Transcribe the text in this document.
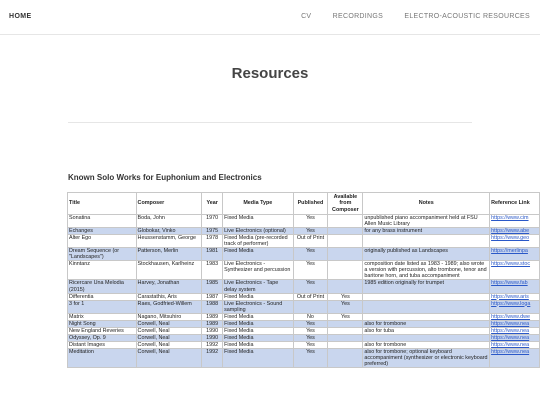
HOME	CV	RECORDINGS	ELECTRO-ACOUSTIC RESOURCES
Resources
Known Solo Works for Euphonium and Electronics
Title	Composer	Year	Media Type	Published	Available from Composer	Notes	Reference Link
Sonatina	Boda, John	1970	Fixed Media	Yes		unpublished piano accompaniment held at FSU Allen Music Library	https://www.cim
Echanges	Globokar, Vinko	1975	Live Electronics (optional)	Yes		for any brass instrument	https://www.abe
Alter Ego	Heussenstamm, George	1978	Fixed Media (pre-recorded track of performer)	Out of Print			https://www.geo
Dream Sequence (or "Landscapes")	Patterson, Merlin	1981	Fixed Media	Yes		originally published as Landscapes	https://merlinpa
Kinntanz	Stockhausen, Karlheinz	1983	Live Electronics - Synthesizer and percussion	Yes		composition date listed as 1983 - 1989; also wrote a version with percussion, alto trombone, tenor and baritone horn, and tuba accompaniment	https://www.stoc
Ricercare Una Melodia (2015)	Harvey, Jonathan	1985	Live Electronics - Tape delay system	Yes		1985 edition originally for trumpet	https://www.fab
Differentia	Carastathis, Aris	1987	Fixed Media	Out of Print	Yes		https://www.aris
3 for 1	Raes, Godfried-Willem	1988	Live Electronics - Sound sampling		Yes		https://www.loga
Matrix	Nagano, Mitsuhiro	1989	Fixed Media	No	Yes		https://www.dwe
Night Song	Corwell, Neal	1989	Fixed Media	Yes		also for trombone	https://www.nea
New England Reveries	Corwell, Neal	1990	Fixed Media	Yes		also for tuba	https://www.nea
Odyssey, Op. 9	Corwell, Neal	1990	Fixed Media	Yes			https://www.nea
Distant Images	Corwell, Neal	1992	Fixed Media	Yes		also for trombone	https://www.nea
Meditation	Corwell, Neal	1992	Fixed Media	Yes		also for trombone; optional keyboard accompaniment (synthesizer or electronic keyboard preferred)	https://www.nea
